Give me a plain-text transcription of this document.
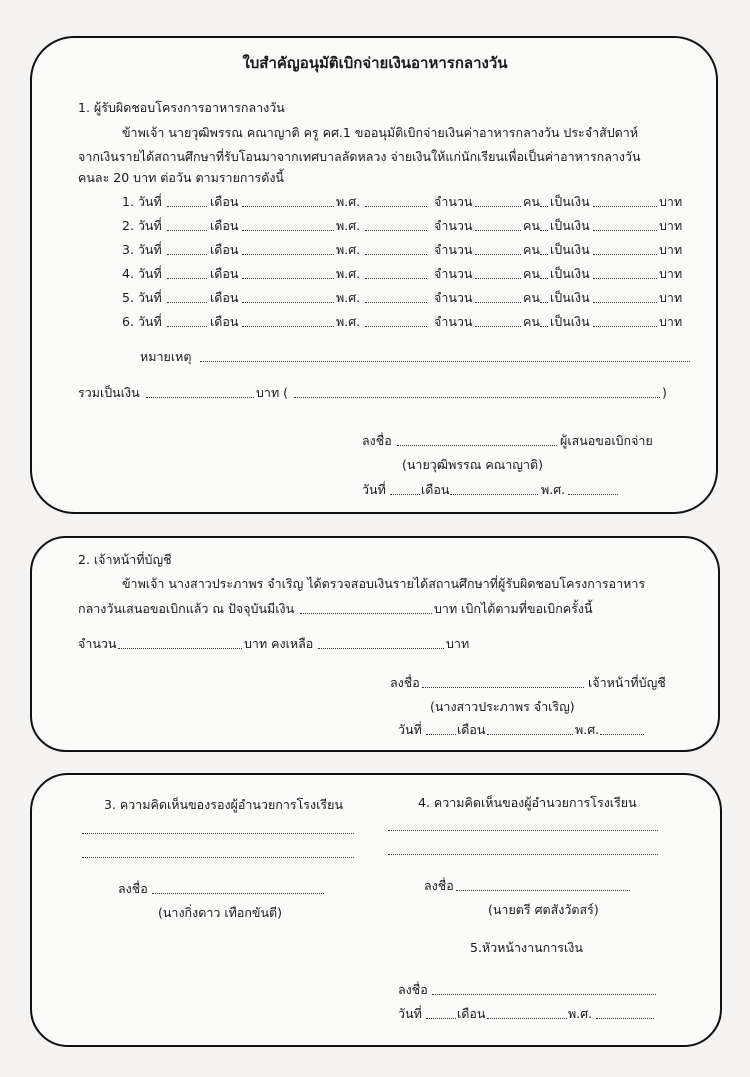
ใบสำคัญอนุมัติเบิกจ่ายเงินอาหารกลางวัน
1. ผู้รับผิดชอบโครงการอาหารกลางวัน
ข้าพเจ้า นายวุฒิพรรณ คณาญาติ ครู คศ.1 ขออนุมัติเบิกจ่ายเงินค่าอาหารกลางวัน ประจำสัปดาห์
จากเงินรายได้สถานศึกษาที่รับโอนมาจากเทศบาลลัดหลวง จ่ายเงินให้แก่นักเรียนเพื่อเป็นค่าอาหารกลางวัน
คนละ 20 บาท ต่อวัน ตามรายการดังนี้
1. วันที่	เดือน	พ.ศ.	จำนวน	คน เป็นเงิน	บาท
2. วันที่	เดือน	พ.ศ.	จำนวน	คน เป็นเงิน	บาท
3. วันที่	เดือน	พ.ศ.	จำนวน	คน เป็นเงิน	บาท
4. วันที่	เดือน	พ.ศ.	จำนวน	คน เป็นเงิน	บาท
5. วันที่	เดือน	พ.ศ.	จำนวน	คน เป็นเงิน	บาท
6. วันที่	เดือน	พ.ศ.	จำนวน	คน เป็นเงิน	บาท
หมายเหตุ
รวมเป็นเงิน	บาท (	)
ลงชื่อ	ผู้เสนอขอเบิกจ่าย
(นายวุฒิพรรณ คณาญาติ)
วันที่	เดือน	พ.ศ.
2. เจ้าหน้าที่บัญชี
ข้าพเจ้า นางสาวประภาพร จำเริญ ได้ตรวจสอบเงินรายได้สถานศึกษาที่ผู้รับผิดชอบโครงการอาหาร
กลางวันเสนอขอเบิกแล้ว ณ ปัจจุบันมีเงิน	บาท เบิกได้ตามที่ขอเบิกครั้งนี้
จำนวน	บาท คงเหลือ	บาท
ลงชื่อ	เจ้าหน้าที่บัญชี
(นางสาวประภาพร จำเริญ)
วันที่	เดือน	พ.ศ.
3. ความคิดเห็นของรองผู้อำนวยการโรงเรียน
ลงชื่อ
(นางกิ่งดาว เทือกขันตี)
4. ความคิดเห็นของผู้อำนวยการโรงเรียน
ลงชื่อ
(นายตรี ศตสังวัตสร์)
5.หัวหน้างานการเงิน
ลงชื่อ
วันที่	เดือน	พ.ศ.
